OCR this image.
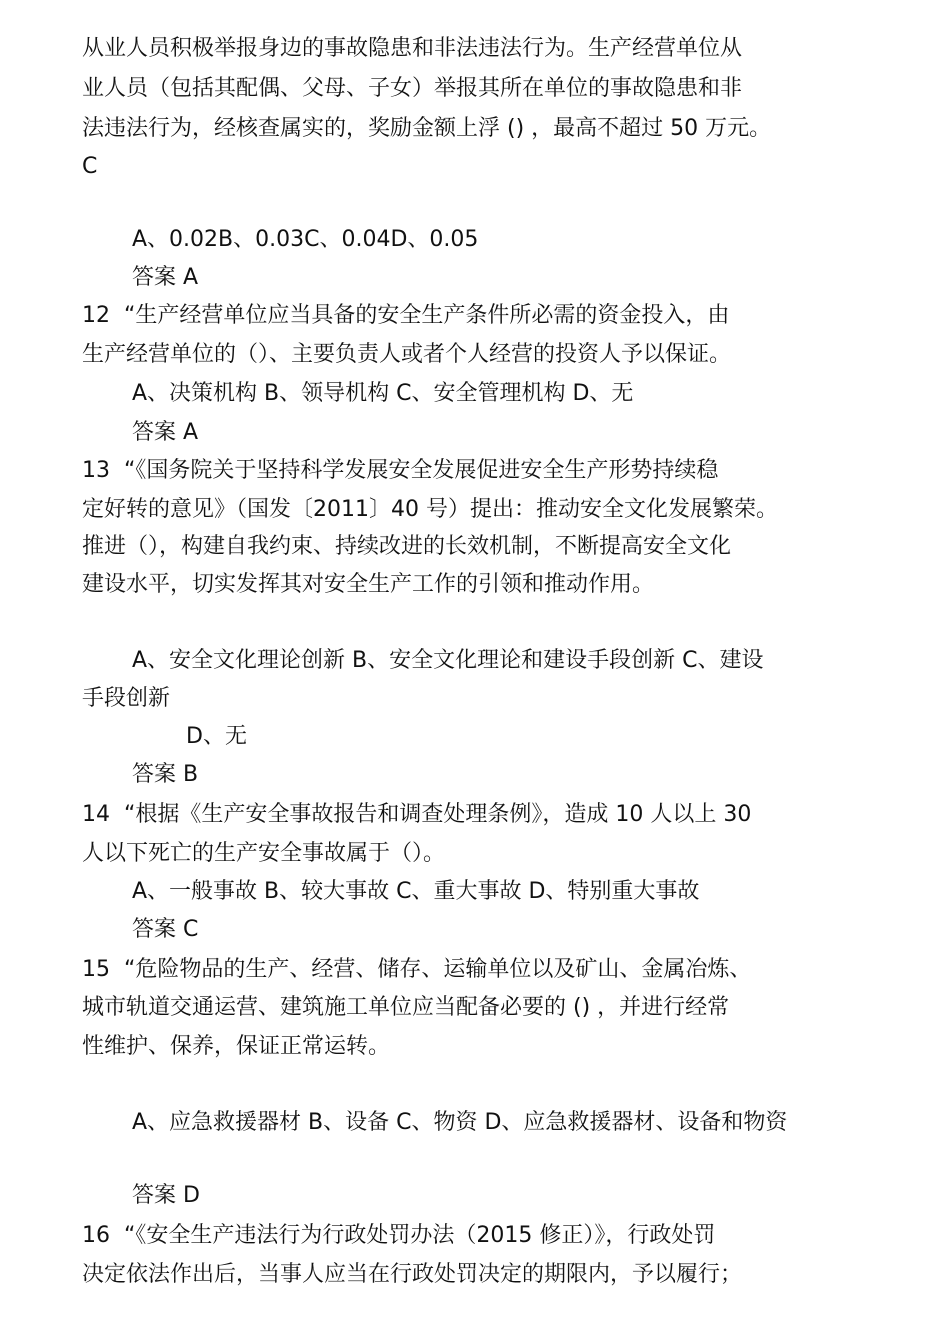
从业人员积极举报身边的事故隐患和非法违法行为。生产经营单位从
业人员（包括其配偶、父母、子女）举报其所在单位的事故隐患和非
法违法行为，经核查属实的，奖励金额上浮 () ，最高不超过 50 万元。
C
A、0.02B、0.03C、0.04D、0.05
答案 A
12  “生产经营单位应当具备的安全生产条件所必需的资金投入，由
生产经营单位的（）、主要负责人或者个人经营的投资人予以保证。
A、决策机构 B、领导机构 C、安全管理机构 D、无
答案 A
13  “《国务院关于坚持科学发展安全发展促进安全生产形势持续稳
定好转的意见》（国发〔2011〕40 号）提出：推动安全文化发展繁荣。
推进（），构建自我约束、持续改进的长效机制，不断提高安全文化
建设水平，切实发挥其对安全生产工作的引领和推动作用。
A、安全文化理论创新 B、安全文化理论和建设手段创新 C、建设
手段创新
D、无
答案 B
14  “根据《生产安全事故报告和调查处理条例》，造成 10 人以上 30
人以下死亡的生产安全事故属于（）。
A、一般事故 B、较大事故 C、重大事故 D、特别重大事故
答案 C
15  “危险物品的生产、经营、储存、运输单位以及矿山、金属冶炼、
城市轨道交通运营、建筑施工单位应当配备必要的 () ，并进行经常
性维护、保养，保证正常运转。
A、应急救援器材 B、设备 C、物资 D、应急救援器材、设备和物资
答案 D
16  “《安全生产违法行为行政处罚办法（2015 修正）》，行政处罚
决定依法作出后，当事人应当在行政处罚决定的期限内，予以履行；
